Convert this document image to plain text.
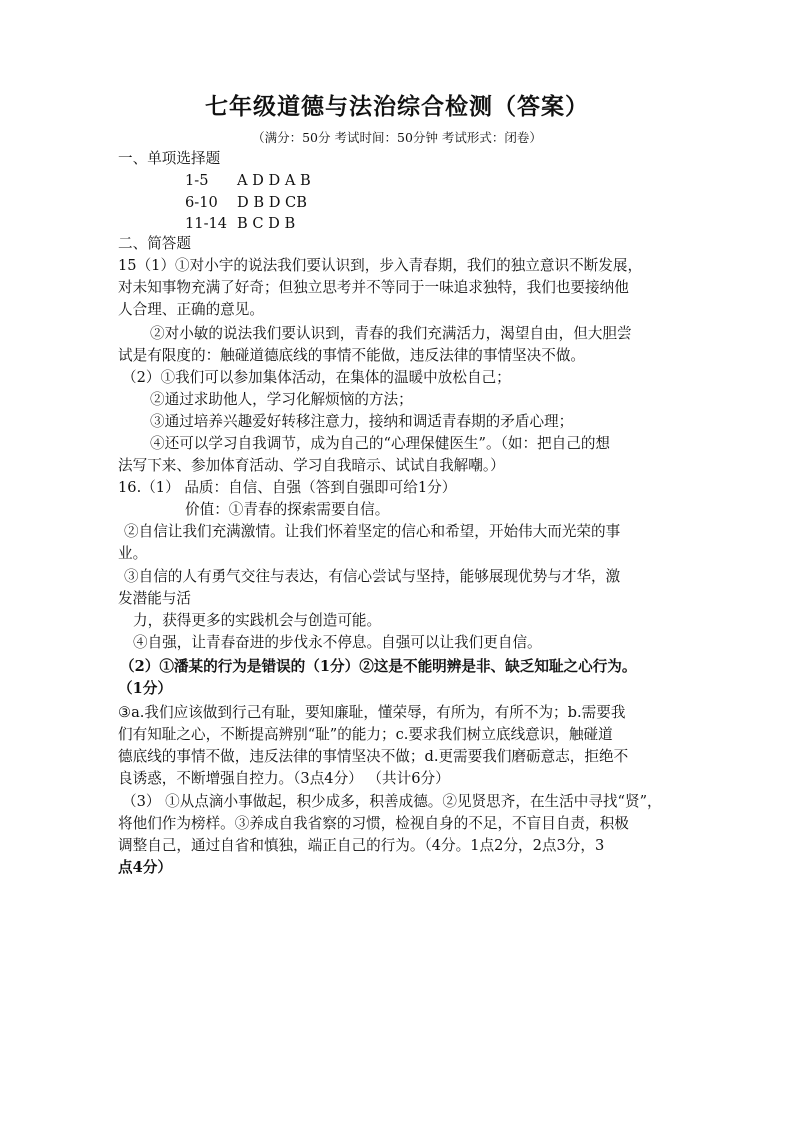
七年级道德与法治综合检测（答案）
（满分：50分 考试时间：50分钟 考试形式：闭卷）
一、单项选择题
1-5 A D D A B
6-10 D B D CB
11-14 B C D B
二、简答题
15（1）①对小宇的说法我们要认识到，步入青春期，我们的独立意识不断发展，
对未知事物充满了好奇；但独立思考并不等同于一味追求独特，我们也要接纳他
人合理、正确的意见。
②对小敏的说法我们要认识到，青春的我们充满活力，渴望自由，但大胆尝
试是有限度的：触碰道德底线的事情不能做，违反法律的事情坚决不做。
（2）①我们可以参加集体活动，在集体的温暖中放松自己；
②通过求助他人，学习化解烦恼的方法；
③通过培养兴趣爱好转移注意力，接纳和调适青春期的矛盾心理；
④还可以学习自我调节，成为自己的“心理保健医生”。（如：把自己的想
法写下来、参加体育活动、学习自我暗示、试试自我解嘲。）
16.（1） 品质：自信、自强（答到自强即可给1分）
价值：①青春的探索需要自信。
②自信让我们充满激情。让我们怀着坚定的信心和希望，开始伟大而光荣的事
业。
③自信的人有勇气交往与表达，有信心尝试与坚持，能够展现优势与才华，激
发潜能与活
力，获得更多的实践机会与创造可能。
④自强，让青春奋进的步伐永不停息。自强可以让我们更自信。
（2）①潘某的行为是错误的（1分）②这是不能明辨是非、缺乏知耻之心行为。
（1分）
③a.我们应该做到行己有耻，要知廉耻，懂荣辱，有所为，有所不为；b.需要我
们有知耻之心，不断提高辨别“耻”的能力；c.要求我们树立底线意识，触碰道
德底线的事情不做，违反法律的事情坚决不做；d.更需要我们磨砺意志，拒绝不
良诱惑，不断增强自控力。（3点4分） （共计6分）
（3） ①从点滴小事做起，积少成多，积善成德。②见贤思齐，在生活中寻找“贤”，
将他们作为榜样。③养成自我省察的习惯，检视自身的不足，不盲目自责，积极
调整自己，通过自省和慎独，端正自己的行为。（4分。1点2分，2点3分，3
点4分）
